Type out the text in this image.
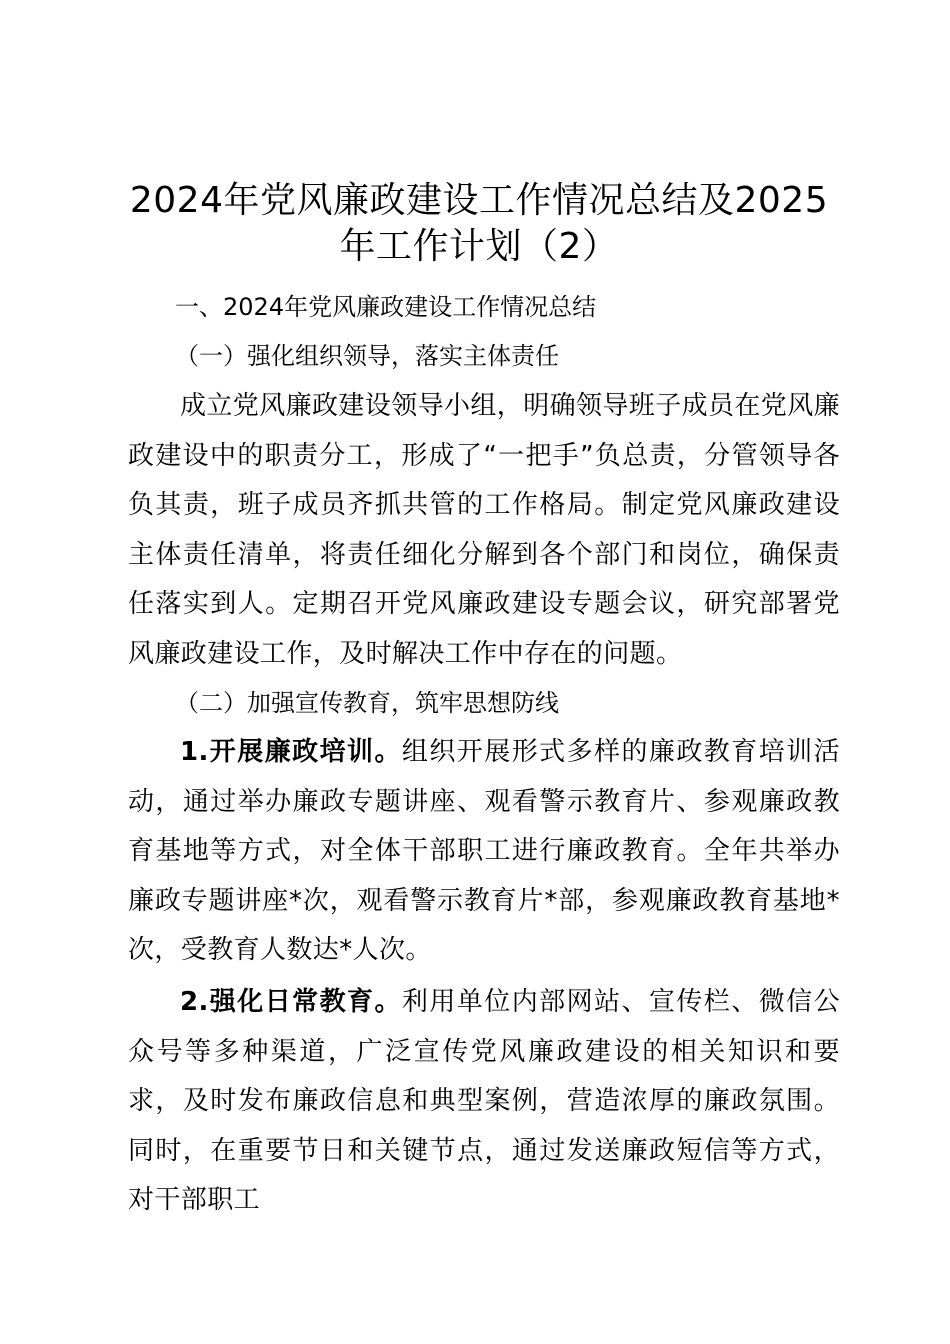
2024年党风廉政建设工作情况总结及2025年工作计划（2）
一、2024年党风廉政建设工作情况总结
（一）强化组织领导，落实主体责任
成立党风廉政建设领导小组，明确领导班子成员在党风廉政建设中的职责分工，形成了“一把手”负总责，分管领导各负其责，班子成员齐抓共管的工作格局。制定党风廉政建设主体责任清单，将责任细化分解到各个部门和岗位，确保责任落实到人。定期召开党风廉政建设专题会议，研究部署党风廉政建设工作，及时解决工作中存在的问题。
（二）加强宣传教育，筑牢思想防线
1.开展廉政培训。组织开展形式多样的廉政教育培训活动，通过举办廉政专题讲座、观看警示教育片、参观廉政教育基地等方式，对全体干部职工进行廉政教育。全年共举办廉政专题讲座*次，观看警示教育片*部，参观廉政教育基地*次，受教育人数达*人次。
2.强化日常教育。利用单位内部网站、宣传栏、微信公众号等多种渠道，广泛宣传党风廉政建设的相关知识和要求，及时发布廉政信息和典型案例，营造浓厚的廉政氛围。同时，在重要节日和关键节点，通过发送廉政短信等方式，对干部职工
